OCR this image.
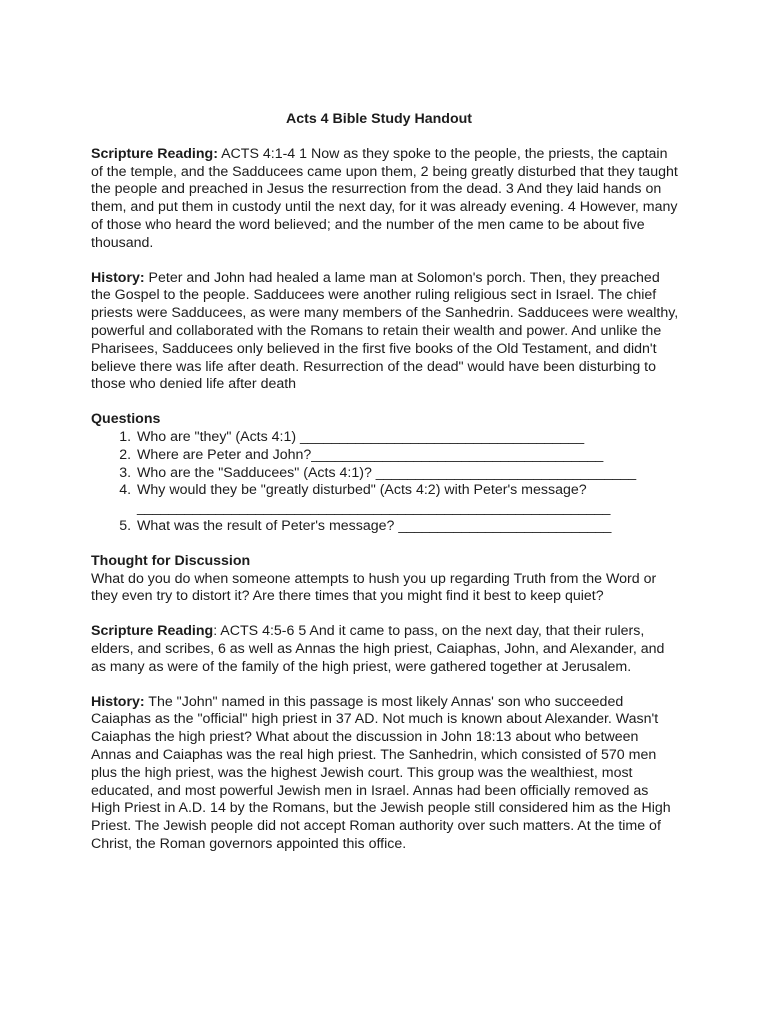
Acts 4 Bible Study Handout

Scripture Reading: ACTS 4:1-4 1 Now as they spoke to the people, the priests, the captain of the temple, and the Sadducees came upon them, 2 being greatly disturbed that they taught the people and preached in Jesus the resurrection from the dead. 3 And they laid hands on them, and put them in custody until the next day, for it was already evening. 4 However, many of those who heard the word believed; and the number of the men came to be about five thousand.

History: Peter and John had healed a lame man at Solomon's porch. Then, they preached the Gospel to the people. Sadducees were another ruling religious sect in Israel. The chief priests were Sadducees, as were many members of the Sanhedrin. Sadducees were wealthy, powerful and collaborated with the Romans to retain their wealth and power. And unlike the Pharisees, Sadducees only believed in the first five books of the Old Testament, and didn't believe there was life after death. Resurrection of the dead" would have been disturbing to those who denied life after death

Questions
1. Who are "they" (Acts 4:1) ____________________________________
2. Where are Peter and John?_____________________________________
3. Who are the "Sadducees" (Acts 4:1)? _________________________________
4. Why would they be "greatly disturbed" (Acts 4:2) with Peter's message?
____________________________________________________________
5. What was the result of Peter's message? ___________________________
Thought for Discussion

What do you do when someone attempts to hush you up regarding Truth from the Word or they even try to distort it? Are there times that you might find it best to keep quiet?

Scripture Reading: ACTS 4:5-6 5 And it came to pass, on the next day, that their rulers, elders, and scribes, 6 as well as Annas the high priest, Caiaphas, John, and Alexander, and as many as were of the family of the high priest, were gathered together at Jerusalem.

History: The "John" named in this passage is most likely Annas' son who succeeded Caiaphas as the "official" high priest in 37 AD. Not much is known about Alexander. Wasn't Caiaphas the high priest? What about the discussion in John 18:13 about who between Annas and Caiaphas was the real high priest. The Sanhedrin, which consisted of 570 men plus the high priest, was the highest Jewish court. This group was the wealthiest, most educated, and most powerful Jewish men in Israel. Annas had been officially removed as High Priest in A.D. 14 by the Romans, but the Jewish people still considered him as the High Priest. The Jewish people did not accept Roman authority over such matters. At the time of Christ, the Roman governors appointed this office.
